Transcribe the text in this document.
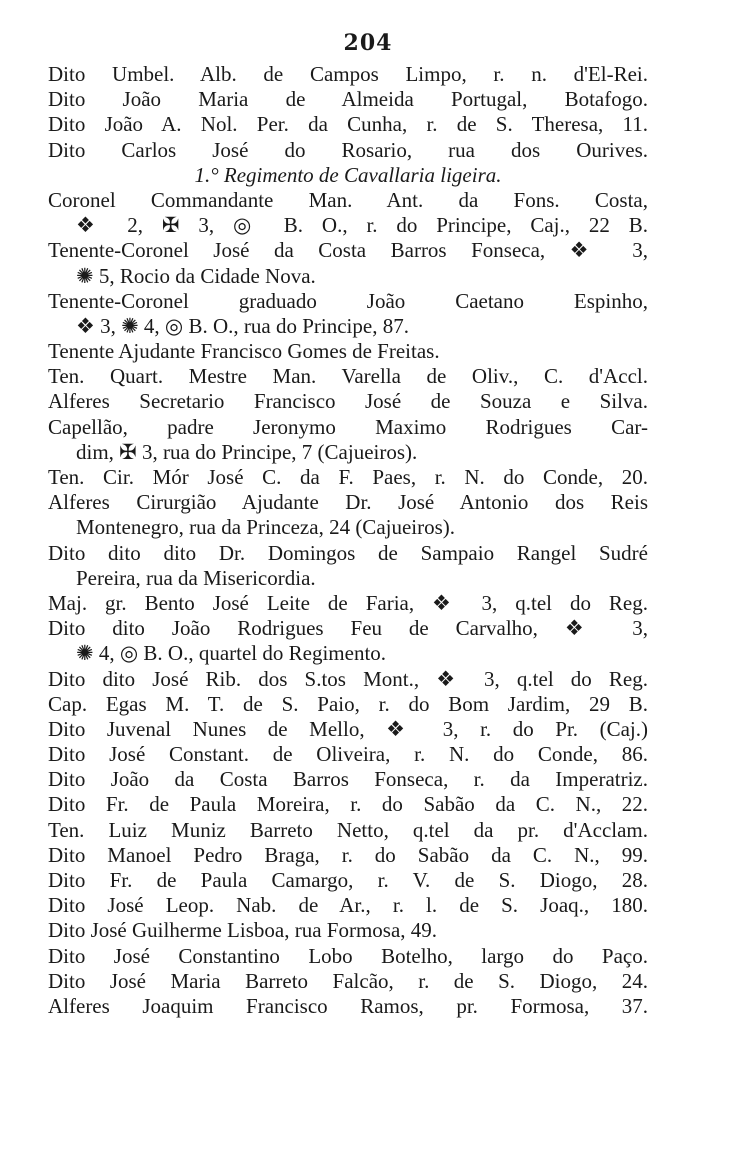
204
Dito Umbel. Alb. de Campos Limpo, r. n. d'El-Rei.
Dito João Maria de Almeida Portugal, Botafogo.
Dito João A. Nol. Per. da Cunha, r. de S. Theresa, 11.
Dito Carlos José do Rosario, rua dos Ourives.
1.° Regimento de Cavallaria ligeira.
Coronel Commandante Man. Ant. da Fons. Costa,
❖ 2, ✠ 3, ◎ B. O., r. do Principe, Caj., 22 B.
Tenente-Coronel José da Costa Barros Fonseca, ❖ 3,
✺ 5, Rocio da Cidade Nova.
Tenente-Coronel graduado João Caetano Espinho,
❖ 3, ✺ 4, ◎ B. O., rua do Principe, 87.
Tenente Ajudante Francisco Gomes de Freitas.
Ten. Quart. Mestre Man. Varella de Oliv., C. d'Accl.
Alferes Secretario Francisco José de Souza e Silva.
Capellão, padre Jeronymo Maximo Rodrigues Car-
dim, ✠ 3, rua do Principe, 7 (Cajueiros).
Ten. Cir. Mór José C. da F. Paes, r. N. do Conde, 20.
Alferes Cirurgião Ajudante Dr. José Antonio dos Reis
Montenegro, rua da Princeza, 24 (Cajueiros).
Dito dito dito Dr. Domingos de Sampaio Rangel Sudré
Pereira, rua da Misericordia.
Maj. gr. Bento José Leite de Faria, ❖ 3, q.tel do Reg.
Dito dito João Rodrigues Feu de Carvalho, ❖ 3,
✺ 4, ◎ B. O., quartel do Regimento.
Dito dito José Rib. dos S.tos Mont., ❖ 3, q.tel do Reg.
Cap. Egas M. T. de S. Paio, r. do Bom Jardim, 29 B.
Dito Juvenal Nunes de Mello, ❖ 3, r. do Pr. (Caj.)
Dito José Constant. de Oliveira, r. N. do Conde, 86.
Dito João da Costa Barros Fonseca, r. da Imperatriz.
Dito Fr. de Paula Moreira, r. do Sabão da C. N., 22.
Ten. Luiz Muniz Barreto Netto, q.tel da pr. d'Acclam.
Dito Manoel Pedro Braga, r. do Sabão da C. N., 99.
Dito Fr. de Paula Camargo, r. V. de S. Diogo, 28.
Dito José Leop. Nab. de Ar., r. l. de S. Joaq., 180.
Dito José Guilherme Lisboa, rua Formosa, 49.
Dito José Constantino Lobo Botelho, largo do Paço.
Dito José Maria Barreto Falcão, r. de S. Diogo, 24.
Alferes Joaquim Francisco Ramos, pr. Formosa, 37.
